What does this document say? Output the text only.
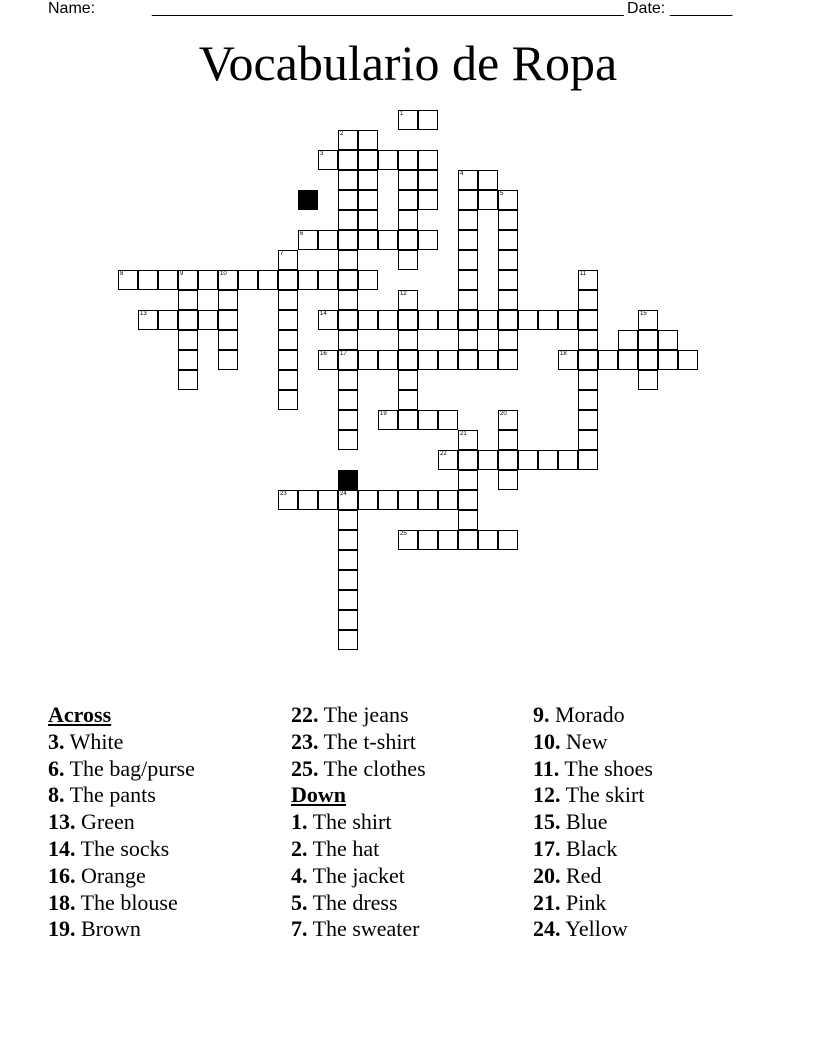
Name:	_____________________________________________________ Date: _______
Vocabulario de Ropa
1
2
3
4
5
6
7
8	9	10	11
12
13	14	15
16 17	18
19	20
21
22
23	24
25
Across
3. White
6. The bag/purse
8. The pants
13. Green
14. The socks
16. Orange
18. The blouse
19. Brown
22. The jeans
23. The t-shirt
25. The clothes
Down
1. The shirt
2. The hat
4. The jacket
5. The dress
7. The sweater
9. Morado
10. New
11. The shoes
12. The skirt
15. Blue
17. Black
20. Red
21. Pink
24. Yellow
